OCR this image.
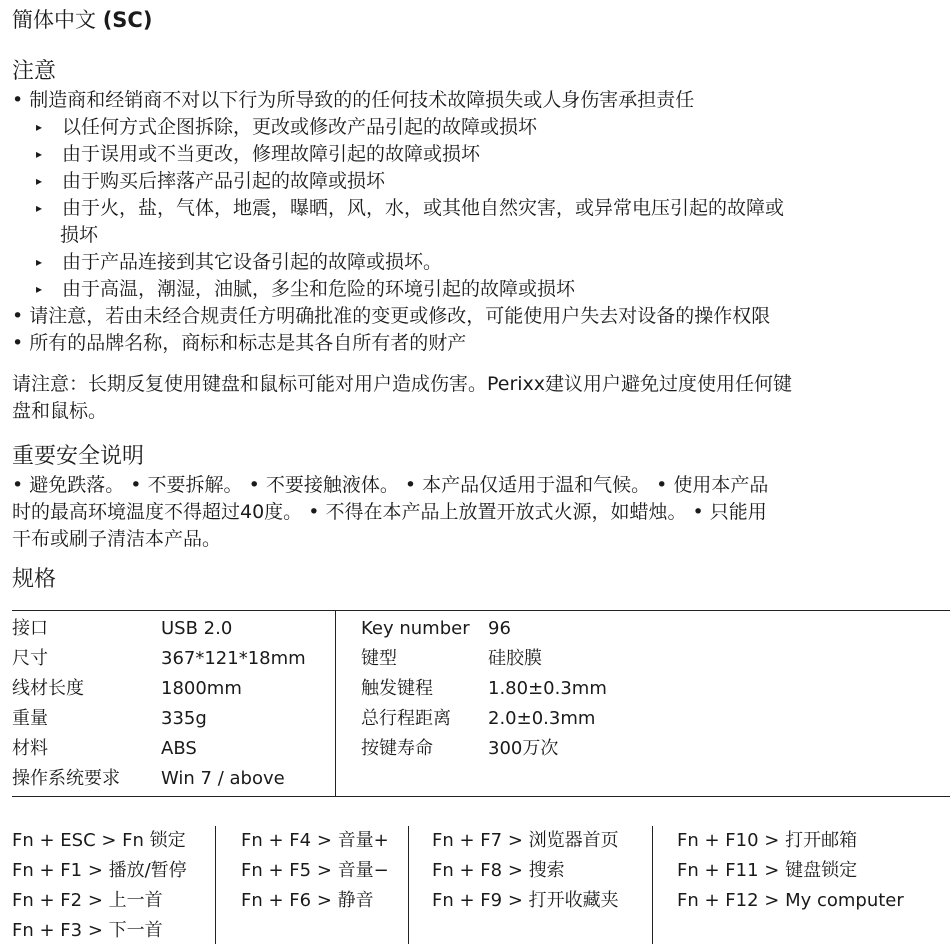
簡体中文 (SC)
注意
• 制造商和经销商不对以下行为所导致的的任何技术故障损失或人身伤害承担责任
▸ 以任何方式企图拆除，更改或修改产品引起的故障或损坏
▸ 由于误用或不当更改，修理故障引起的故障或损坏
▸ 由于购买后摔落产品引起的故障或损坏
▸ 由于火，盐，气体，地震，曝晒，风，水，或其他自然灾害，或异常电压引起的故障或
损坏
▸ 由于产品连接到其它设备引起的故障或损坏。
▸ 由于高温，潮湿，油腻，多尘和危险的环境引起的故障或损坏
• 请注意，若由未经合规责任方明确批准的变更或修改，可能使用户失去对设备的操作权限
• 所有的品牌名称，商标和标志是其各自所有者的财产
请注意：长期反复使用键盘和鼠标可能对用户造成伤害。Perixx建议用户避免过度使用任何键
盘和鼠标。
重要安全说明
• 避免跌落。 • 不要拆解。 • 不要接触液体。 • 本产品仅适用于温和气候。 • 使用本产品
时的最高环境温度不得超过40度。 • 不得在本产品上放置开放式火源，如蜡烛。 • 只能用
干布或刷子清洁本产品。
规格
接口	USB 2.0
尺寸	367*121*18mm
线材长度	1800mm
重量	335g
材料	ABS
操作系统要求 Win 7 / above
Key number 96
键型	硅胶膜
触发键程	1.80±0.3mm
总行程距离 2.0±0.3mm
按键寿命	300万次
Fn + ESC > Fn 锁定
Fn + F1 > 播放/暂停
Fn + F2 > 上一首
Fn + F3 > 下一首
Fn + F4 > 音量+
Fn + F5 > 音量−
Fn + F6 > 静音
Fn + F7 > 浏览器首页
Fn + F8 > 搜索
Fn + F9 > 打开收藏夹
Fn + F10 > 打开邮箱
Fn + F11 > 键盘锁定
Fn + F12 > My computer
